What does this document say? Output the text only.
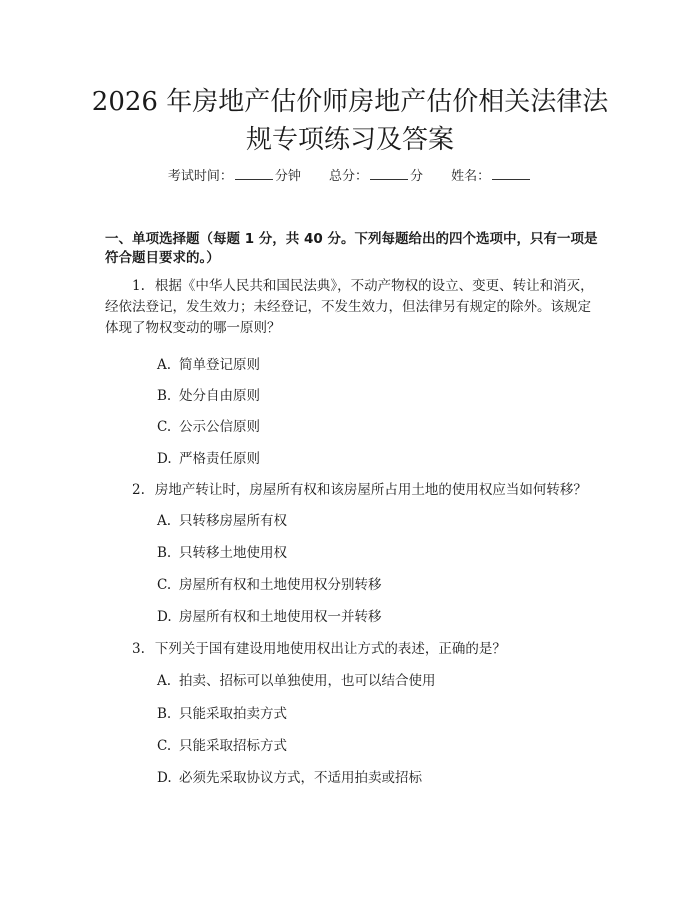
2026 年房地产估价师房地产估价相关法律法
规专项练习及答案
考试时间：	分钟 总分：	分 姓名：
一、单项选择题（每题 1 分，共 40 分。下列每题给出的四个选项中，只有一项是符合题目要求的。）
1. 根据《中华人民共和国民法典》，不动产物权的设立、变更、转让和消灭，经依法登记，发生效力；未经登记，不发生效力，但法律另有规定的除外。该规定体现了物权变动的哪一原则？
A. 简单登记原则
B. 处分自由原则
C. 公示公信原则
D. 严格责任原则
2. 房地产转让时，房屋所有权和该房屋所占用土地的使用权应当如何转移？
A. 只转移房屋所有权
B. 只转移土地使用权
C. 房屋所有权和土地使用权分别转移
D. 房屋所有权和土地使用权一并转移
3. 下列关于国有建设用地使用权出让方式的表述，正确的是？
A. 拍卖、招标可以单独使用，也可以结合使用
B. 只能采取拍卖方式
C. 只能采取招标方式
D. 必须先采取协议方式，不适用拍卖或招标
